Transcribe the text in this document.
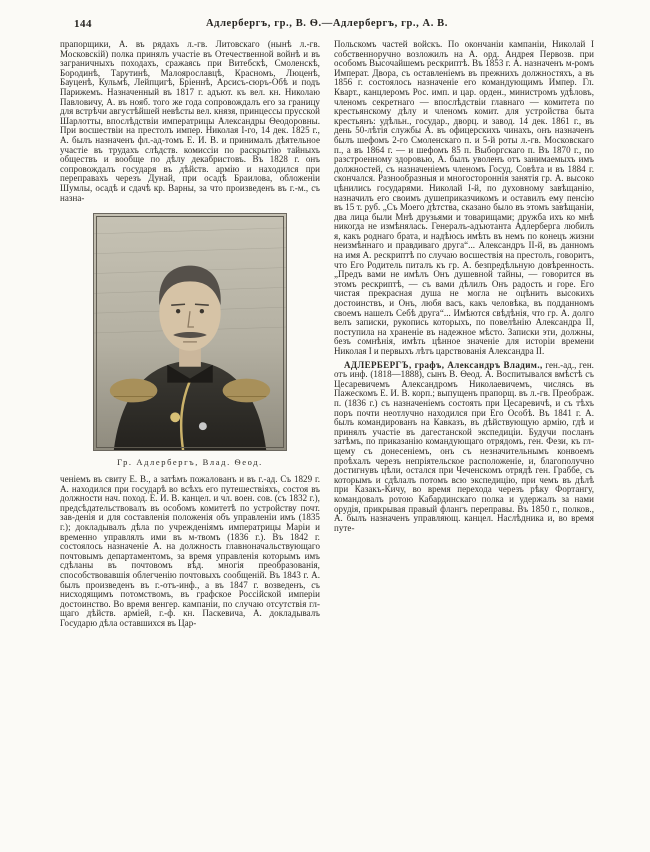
144	Адлербергъ, гр., В. Ѳ.—Адлербергъ, гр., А. В.

прапорщики, А. въ рядахъ л.-гв. Литовскаго (нынѣ л.-гв. Московскій) полка принялъ участіе въ Отечественной войнѣ и въ заграничныхъ походахъ, сражаясь при Витебскѣ, Смоленскѣ, Бородинѣ, Тарутинѣ, Малоярославцѣ, Красномъ, Люценѣ, Бауценѣ, Кульмѣ, Лейпцигѣ, Бріеннѣ, Арсисъ-сюръ-Обѣ и подъ Парижемъ. Назначенный въ 1817 г. адъют. къ вел. кн. Николаю Павловичу, А. въ нояб. того же года сопровождалъ его за границу для встрѣчи августѣйшей невѣсты вел. князя, принцессы прусской Шарлотты, впослѣдствіи императрицы Александры Ѳеодоровны. При восшествіи на престолъ импер. Николая I-го, 14 дек. 1825 г., А. былъ назначенъ фл.-ад-томъ Е. И. В. и принималъ дѣятельное участіе въ трудахъ слѣдств. комиссіи по раскрытію тайныхъ обществъ и вообще по дѣлу декабристовъ. Въ 1828 г. онъ сопровождалъ государя въ дѣйств. армію и находился при переправахъ черезъ Дунай, при осадѣ Браилова, обложеніи Шумлы, осадѣ и сдачѣ кр. Варны, за что произведенъ въ г.-м., съ назна-

Гр. Адлербергъ, Влад. Ѳеод.

ченіемъ въ свиту Е. В., а затѣмъ пожалованъ и въ г.-ад. Съ 1829 г. А. находился при государѣ во всѣхъ его путешествіяхъ, состоя въ должности нач. поход. Е. И. В. канцел. и чл. воен. сов. (съ 1832 г.), предсѣдательствовалъ въ особомъ комитетѣ по устройству почт. зав-денія и для составленія положенія объ управленіи имъ (1835 г.); докладывалъ дѣла по учрежденіямъ императрицы Маріи и временно управлялъ ими въ м-твомъ (1836 г.). Въ 1842 г. состоялось назначеніе А. на должность главноначальствующаго почтовымъ департаментомъ, за время управленія которымъ имъ сдѣланы въ почтовомъ вѣд. многія преобразованія, способствовавшія облегченію почтовыхъ сообщеній. Въ 1843 г. А. былъ произведенъ въ г.-отъ-инф., а въ 1847 г. возведенъ, съ нисходящимъ потомствомъ, въ графское Россійской имперіи достоинство. Во время венгер. кампаніи, по случаю отсутствія гл-щаго дѣйств. арміей, г.-ф. кн. Паскевича, А. докладывалъ Государю дѣла оставшихся въ Цар-

Польскомъ частей войскъ. По окончаніи кампаніи, Николай I собственноручно возложилъ на А. орд. Андрея Первозв. при особомъ Высочайшемъ рескриптѣ. Въ 1853 г. А. назначенъ м-ромъ Императ. Двора, съ оставленіемъ въ прежнихъ должностяхъ, а въ 1856 г. состоялось назначеніе его командующимъ Импер. Гл. Кварт., канцлеромъ Рос. имп. и цар. орден., министромъ удѣловъ, членомъ секретнаго — впослѣдствіи главнаго — комитета по крестьянскому дѣлу и членомъ комит. для устройства быта крестьянъ: удѣльн., государ., дворц. и завод. 14 дек. 1861 г., въ день 50-лѣтія службы А. въ офицерскихъ чинахъ, онъ назначенъ былъ шефомъ 2-го Смоленскаго п. и 5-й роты л.-гв. Московскаго п., а въ 1864 г. — и шефомъ 85 п. Выборгскаго п. Въ 1870 г., по разстроенному здоровью, А. былъ уволенъ отъ занимаемыхъ имъ должностей, съ назначеніемъ членомъ Госуд. Совѣта и въ 1884 г. скончался. Разнообразныя и многостороннія занятія гр. А. высоко цѣнились государями. Николай I-й, по духовному завѣщанію, назначилъ его своимъ душеприказчикомъ и оставилъ ему пенсію въ 15 т. руб. „Съ Моего дѣтства, сказано было въ этомъ завѣщаніи, два лица были Мнѣ друзьями и товарищами; дружба ихъ ко мнѣ никогда не измѣнялась. Генералъ-адъютанта Адлерберга любилъ я, какъ роднаго брата, и надѣюсь имѣть въ немъ по конецъ жизни неизмѣннаго и правдиваго друга“... Александръ II-й, въ данномъ на имя А. рескриптѣ по случаю восшествія на престолъ, говоритъ, что Его Родитель питалъ къ гр. А. безпредѣльную довѣренность. „Предъ вами не имѣлъ Онъ душевной тайны, — говорится въ этомъ рескриптѣ, — съ вами дѣлилъ Онъ радость и горе. Его чистая прекрасная душа не могла не оцѣнить высокихъ достоинствъ, и Онъ, любя васъ, какъ человѣка, въ подданномъ своемъ нашелъ Себѣ друга“... Имѣются свѣдѣнія, что гр. А. долго велъ записки, рукопись которыхъ, по повелѣнію Александра II, поступила на храненіе въ надежное мѣсто. Записки эти, должны, безъ сомнѣнія, имѣть цѣнное значеніе для исторіи времени Николая I и первыхъ лѣтъ царствованія Александра II.

АДЛЕРБЕРГЪ, графъ, Александръ Владим., ген.-ад., ген. отъ инф. (1818—1888), сынъ В. Ѳеод. А. Воспитывался вмѣстѣ съ Цесаревичемъ Александромъ Николаевичемъ, числясь въ Пажескомъ Е. И. В. корп.; выпущенъ прапорщ. въ л.-гв. Преображ. п. (1836 г.) съ назначеніемъ состоять при Цесаревичѣ, и съ тѣхъ поръ почти неотлучно находился при Его Особѣ. Въ 1841 г. А. былъ командированъ на Кавказъ, въ дѣйствующую армію, гдѣ и принялъ участіе въ дагестанской экспедиціи. Будучи посланъ затѣмъ, по приказанію командующаго отрядомъ, ген. Фези, къ гл-щему съ донесеніемъ, онъ съ незначительнымъ конвоемъ проѣхалъ черезъ непріятельское расположеніе, и, благополучно достигнувъ цѣли, остался при Чеченскомъ отрядѣ ген. Граббе, съ которымъ и сдѣлалъ потомъ всю экспедицію, при чемъ въ дѣлѣ при Казакъ-Кичу, во время перехода черезъ рѣку Фортангу, командовалъ ротою Кабардинскаго полка и удержалъ за нами орудія, прикрывая правый флангъ переправы. Въ 1850 г., полков., А. былъ назначенъ управляющ. канцел. Наслѣдника и, во время путе-
